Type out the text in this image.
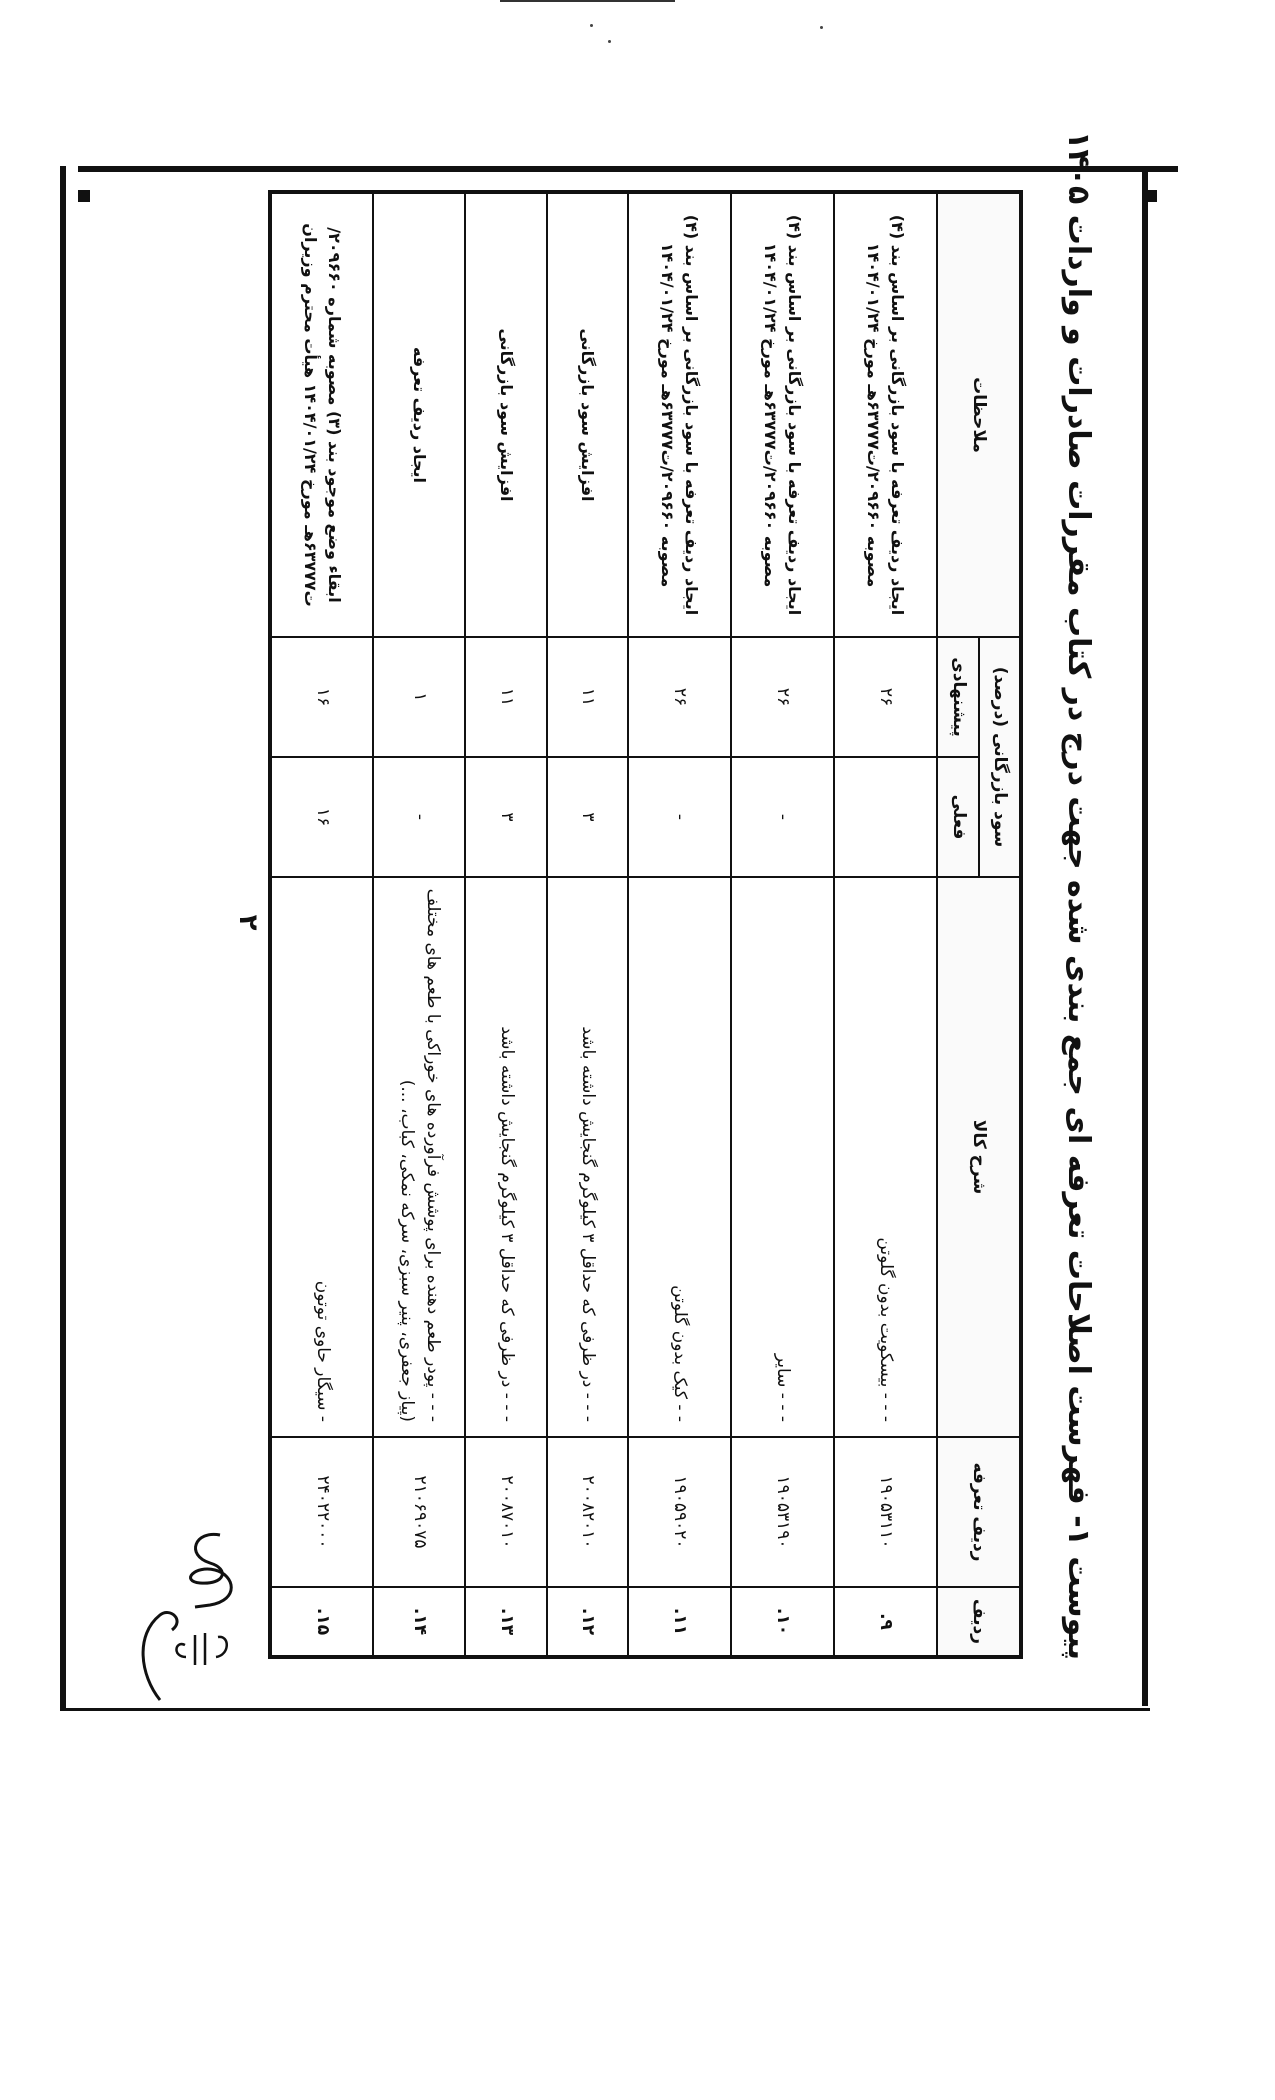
پیوست ۱- فهرست اصلاحات تعرفه ای جمع بندی شده جهت درج در کتاب مقررات صادرات و واردات ۱۴۰۵
ردیف	ردیف تعرفه	شرح کالا	سود بازرگانی (درصد)		ملاحظات
			فعلی	پیشنهادی	
۹.	۱۹۰۵۳۱۱۰	- - - بیسکویت بدون گلوتن		۲۶	ایجاد ردیف تعرفه با سود بازرگانی بر اساس بند (۴) مصوبه ۲۰۹۶۶۰/ت۶۳۷۷۷هـ مورخ ۱۴۰۴/۰۱/۲۴
۱۰.	۱۹۰۵۳۱۹۰	- - - سایر	-	۲۶	ایجاد ردیف تعرفه با سود بازرگانی بر اساس بند (۴) مصوبه ۲۰۹۶۶۰/ت۶۳۷۷۷هـ مورخ ۱۴۰۴/۰۱/۲۴
۱۱.	۱۹۰۵۹۰۲۰	- - کیک بدون گلوتن	-	۲۶	ایجاد ردیف تعرفه با سود بازرگانی بر اساس بند (۴) مصوبه ۲۰۹۶۶۰/ت۶۳۷۷۷هـ مورخ ۱۴۰۴/۰۱/۲۴
۱۲.	۲۰۰۸۲۰۱۰	- - - در ظرفی که حداقل ۳ کیلوگرم گنجایش داشته باشد	۳	۱۱	افزایش سود بازرگانی
۱۳.	۲۰۰۸۷۰۱۰	- - - در ظرفی که حداقل ۳ کیلوگرم گنجایش داشته باشد	۳	۱۱	افزایش سود بازرگانی
۱۴.	۲۱۰۶۹۰۷۵	- - - پودر طعم دهنده برای پوشش فرآورده های خوراکی با طعم های مختلف (پیاز جعفری، پنیر سبزی، سرکه نمکی، کباب، ...)	-	۱	ایجاد ردیف تعرفه
۱۵.	۲۴۰۲۲۰۰۰	- سیگار حاوی توتون	۱۶	۱۶	ابقاء وضع موجود بند (۳) مصوبه شماره ۲۰۹۶۶۰/ت۶۳۷۷۷هـ مورخ ۱۴۰۴/۰۱/۲۴ هیأت محترم وزیران
۲
